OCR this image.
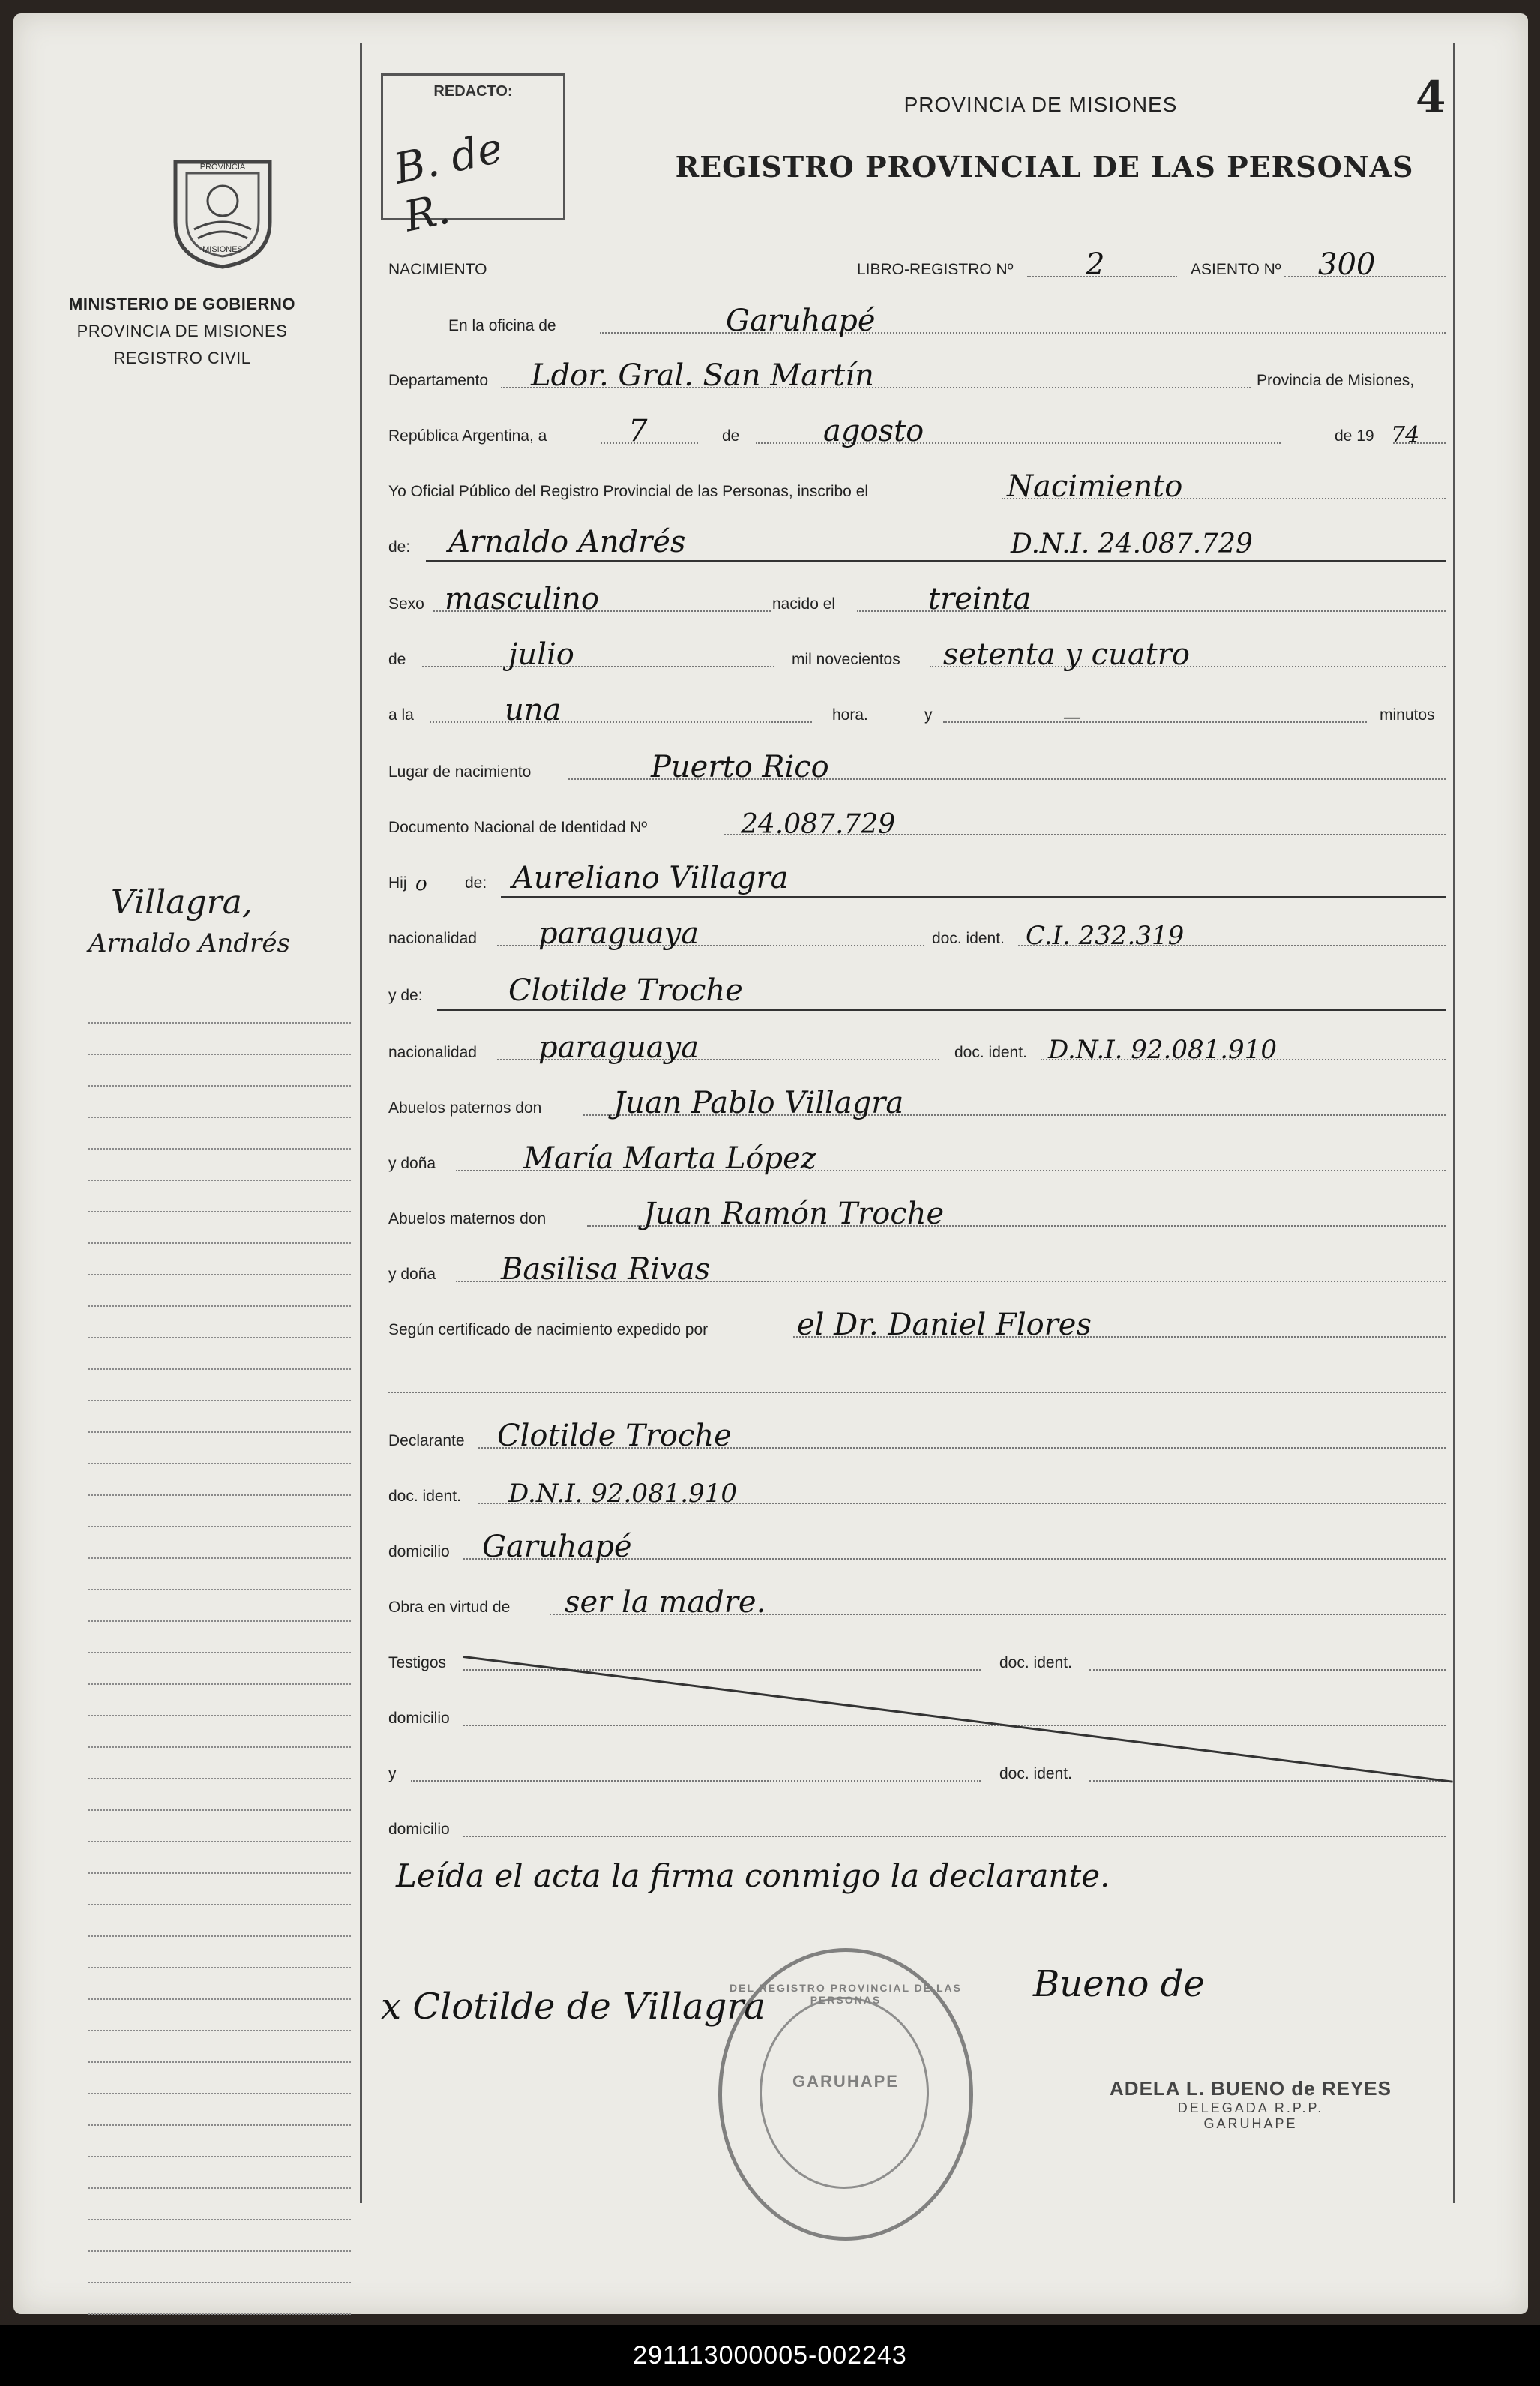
PROVINCIA
MISIONES
MINISTERIO DE GOBIERNO
PROVINCIA DE MISIONES
REGISTRO CIVIL
Villagra,
Arnaldo Andrés
REDACTO:
B. de R.
4
PROVINCIA DE MISIONES
REGISTRO PROVINCIAL DE LAS PERSONAS
NACIMIENTO	LIBRO-REGISTRO Nº 2	ASIENTO Nº 300
En la oficina de	Garuhapé
Departamento Ldor. Gral. San Martín	Provincia de Misiones,
República Argentina, a	7	de	agosto	de 19 74
Yo Oficial Público del Registro Provincial de las Personas, inscribo el	Nacimiento
de: Arnaldo Andrés	D.N.I. 24.087.729
Sexo masculino	nacido el	treinta
de	julio	mil novecientos setenta y cuatro
a la	una	hora.	y	—	minutos
Lugar de nacimiento	Puerto Rico
Documento Nacional de Identidad Nº	24.087.729
Hij o de: Aureliano Villagra
nacionalidad paraguaya	doc. ident. C.I. 232.319
y de:	Clotilde Troche
nacionalidad paraguaya	doc. ident. D.N.I. 92.081.910
Abuelos paternos don Juan Pablo Villagra
y doña	María Marta López
Abuelos maternos don	Juan Ramón Troche
y doña Basilisa Rivas
Según certificado de nacimiento expedido por	el Dr. Daniel Flores
Declarante Clotilde Troche
doc. ident. D.N.I. 92.081.910
domicilio Garuhapé
Obra en virtud de ser la madre.
Testigos	doc. ident.
domicilio
y	doc. ident.
domicilio
Leída el acta la firma conmigo la declarante.
DEL REGISTRO PROVINCIAL DE LAS PERSONAS
GARUHAPE
x Clotilde de Villagra
Bueno de
ADELA L. BUENO de REYES
DELEGADA R.P.P.
GARUHAPE
291113000005-002243
